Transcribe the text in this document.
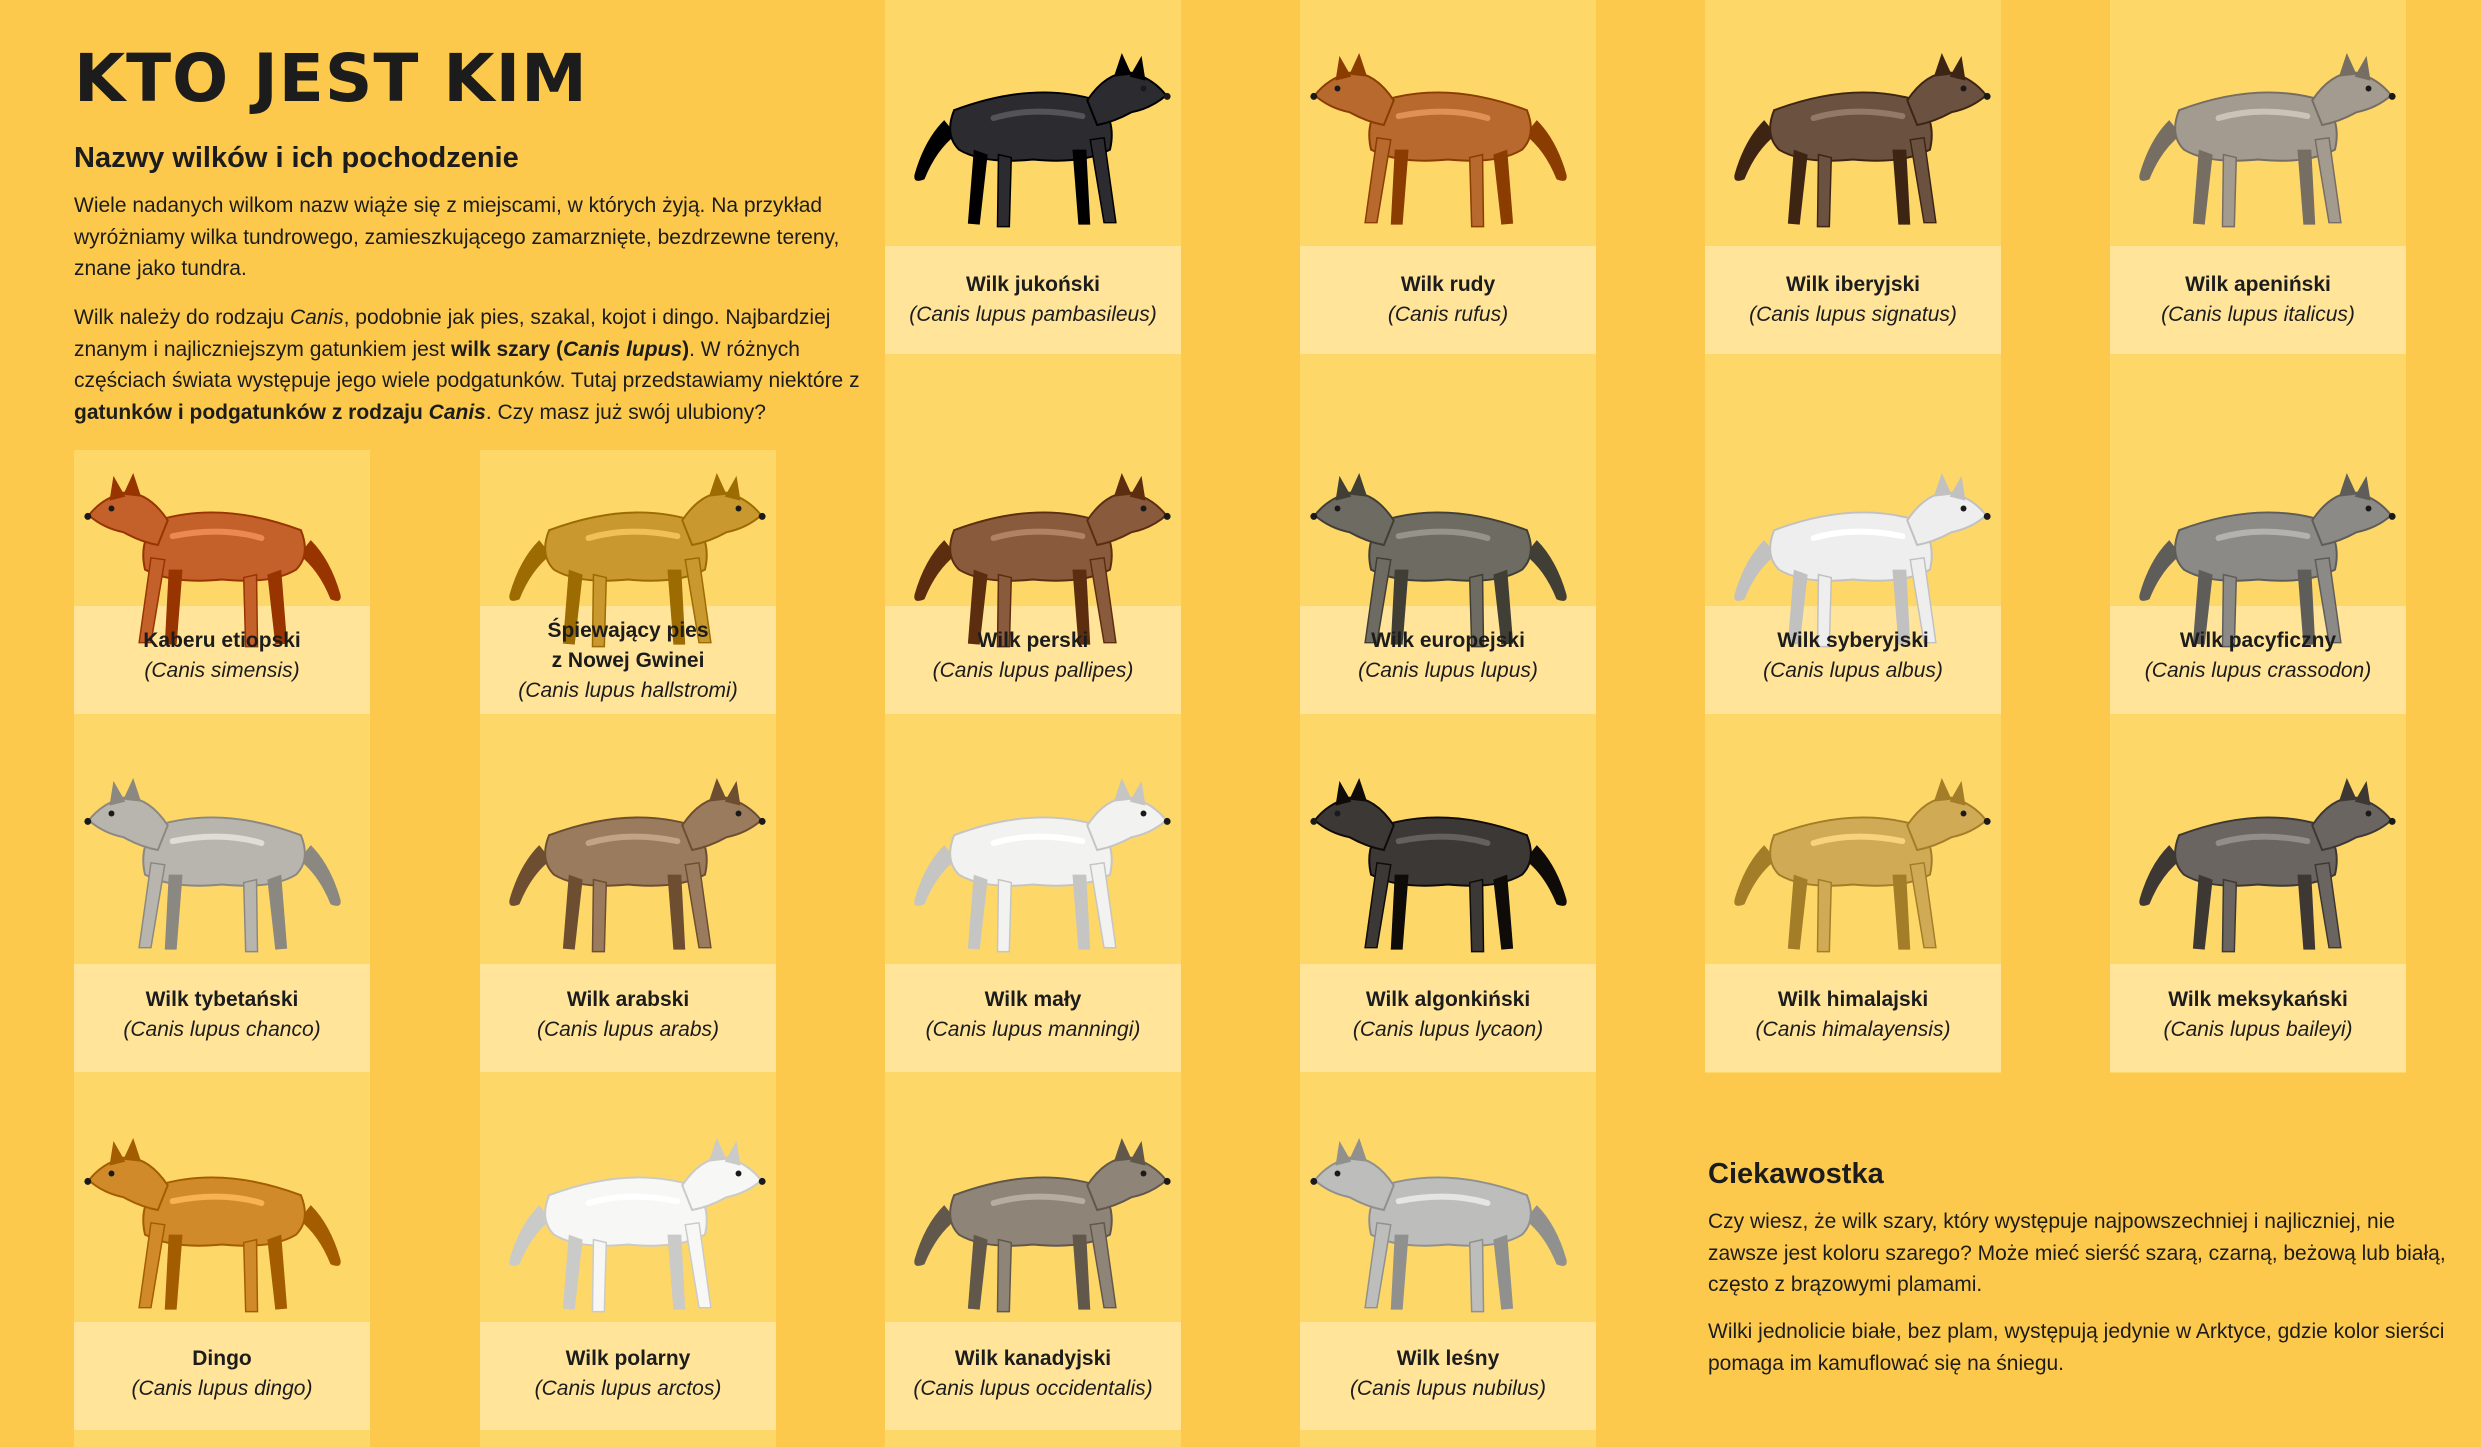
KTO JEST KIM
Nazwy wilków i ich pochodzenie

Wiele nadanych wilkom nazw wiąże się z miejscami, w których żyją. Na przykład wyróżniamy wilka tundrowego, zamieszkującego zamarznięte, bezdrzewne tereny, znane jako tundra.

Wilk należy do rodzaju Canis, podobnie jak pies, szakal, kojot i dingo. Najbardziej znanym i najliczniejszym gatunkiem jest wilk szary (Canis lupus). W różnych częściach świata występuje jego wiele podgatunków. Tutaj przedstawiamy niektóre z gatunków i podgatunków z rodzaju Canis. Czy masz już swój ulubiony?

Wilk jukoński
(Canis lupus pambasileus)
Wilk rudy
(Canis rufus)
Wilk iberyjski
(Canis lupus signatus)
Wilk apeniński
(Canis lupus italicus)
Kaberu etiopski
(Canis simensis)
Śpiewający pies
z Nowej Gwinei
(Canis lupus hallstromi)
Wilk perski
(Canis lupus pallipes)
Wilk europejski
(Canis lupus lupus)
Wilk syberyjski
(Canis lupus albus)
Wilk pacyficzny
(Canis lupus crassodon)
Wilk tybetański
(Canis lupus chanco)
Wilk arabski
(Canis lupus arabs)
Wilk mały
(Canis lupus manningi)
Wilk algonkiński
(Canis lupus lycaon)
Wilk himalajski
(Canis himalayensis)
Wilk meksykański
(Canis lupus baileyi)
Dingo
(Canis lupus dingo)
Wilk polarny
(Canis lupus arctos)
Wilk kanadyjski
(Canis lupus occidentalis)
Wilk leśny
(Canis lupus nubilus)
Ciekawostka

Czy wiesz, że wilk szary, który występuje najpowszechniej i najliczniej, nie zawsze jest koloru szarego? Może mieć sierść szarą, czarną, beżową lub białą, często z brązowymi plamami.

Wilki jednolicie białe, bez plam, występują jedynie w Arktyce, gdzie kolor sierści pomaga im kamuflować się na śniegu.
